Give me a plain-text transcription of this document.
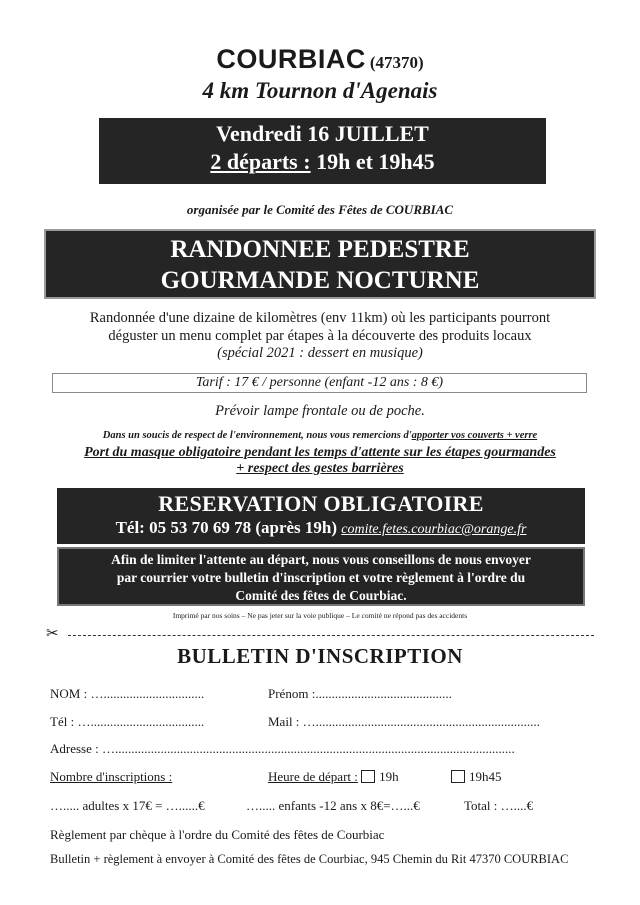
COURBIAC (47370)
4 km Tournon d'Agenais
Vendredi 16 JUILLET
2 départs : 19h et 19h45
organisée par le Comité des Fêtes de COURBIAC
RANDONNEE PEDESTRE
GOURMANDE NOCTURNE
Randonnée d'une dizaine de kilomètres (env 11km) où les participants pourront
déguster un menu complet par étapes à la découverte des produits locaux
(spécial 2021 : dessert en musique)
Tarif : 17 € / personne (enfant -12 ans : 8 €)
Prévoir lampe frontale ou de poche.
Dans un soucis de respect de l'environnement, nous vous remercions d'apporter vos couverts + verre
Port du masque obligatoire pendant les temps d'attente sur les étapes gourmandes
+ respect des gestes barrières
RESERVATION OBLIGATOIRE
Tél: 05 53 70 69 78 (après 19h) comite.fetes.courbiac@orange.fr
Afin de limiter l'attente au départ, nous vous conseillons de nous envoyer
par courrier votre bulletin d'inscription et votre règlement à l'ordre du
Comité des fêtes de Courbiac.
Imprimé par nos soins – Ne pas jeter sur la voie publique – Le comité ne répond pas des accidents
✂
BULLETIN D'INSCRIPTION
NOM : …...............................	Prénom :..........................................
Tél : …...................................	Mail : ….....................................................................
Adresse : …...........................................................................................................................
Nombre d'inscriptions :	Heure de départ : 19h	19h45
…..... adultes x 17€ = …......€	…..... enfants -12 ans x 8€=…...€	Total : …....€
Règlement par chèque à l'ordre du Comité des fêtes de Courbiac
Bulletin + règlement à envoyer à Comité des fêtes de Courbiac, 945 Chemin du Rit 47370 COURBIAC
